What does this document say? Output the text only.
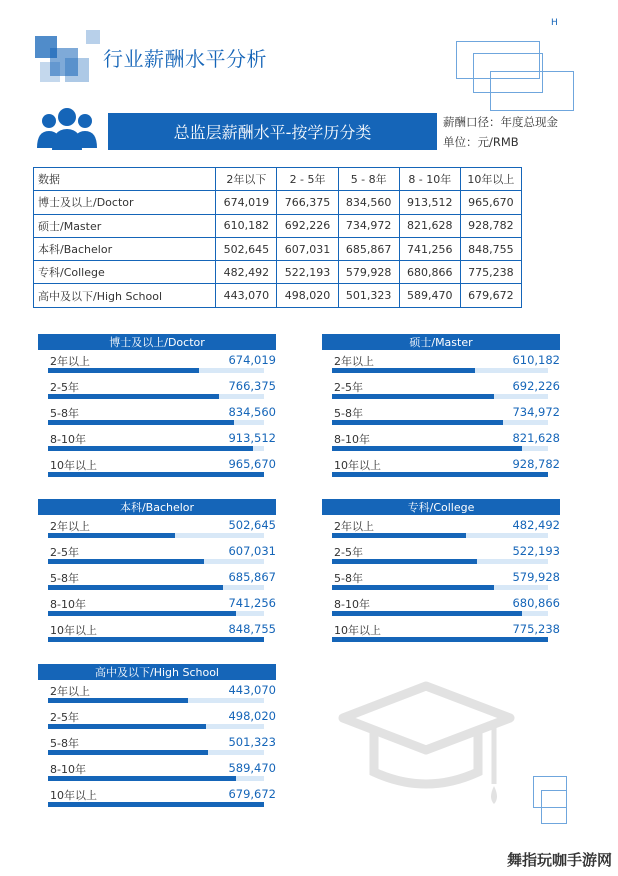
行业薪酬水平分析
H
总监层薪酬水平-按学历分类
薪酬口径：年度总现金
单位：元/RMB
数据	2年以下	2 - 5年	5 - 8年	8 - 10年	10年以上
博士及以上/Doctor	674,019	766,375	834,560	913,512	965,670
硕士/Master	610,182	692,226	734,972	821,628	928,782
本科/Bachelor	502,645	607,031	685,867	741,256	848,755
专科/College	482,492	522,193	579,928	680,866	775,238
高中及以下/High School	443,070	498,020	501,323	589,470	679,672
博士及以上/Doctor
2年以上	674,019
2-5年	766,375
5-8年	834,560
8-10年	913,512
10年以上	965,670
硕士/Master
2年以上	610,182
2-5年	692,226
5-8年	734,972
8-10年	821,628
10年以上	928,782
本科/Bachelor
2年以上	502,645
2-5年	607,031
5-8年	685,867
8-10年	741,256
10年以上	848,755
专科/College
2年以上	482,492
2-5年	522,193
5-8年	579,928
8-10年	680,866
10年以上	775,238
高中及以下/High School
2年以上	443,070
2-5年	498,020
5-8年	501,323
8-10年	589,470
10年以上	679,672
舞指玩咖手游网
